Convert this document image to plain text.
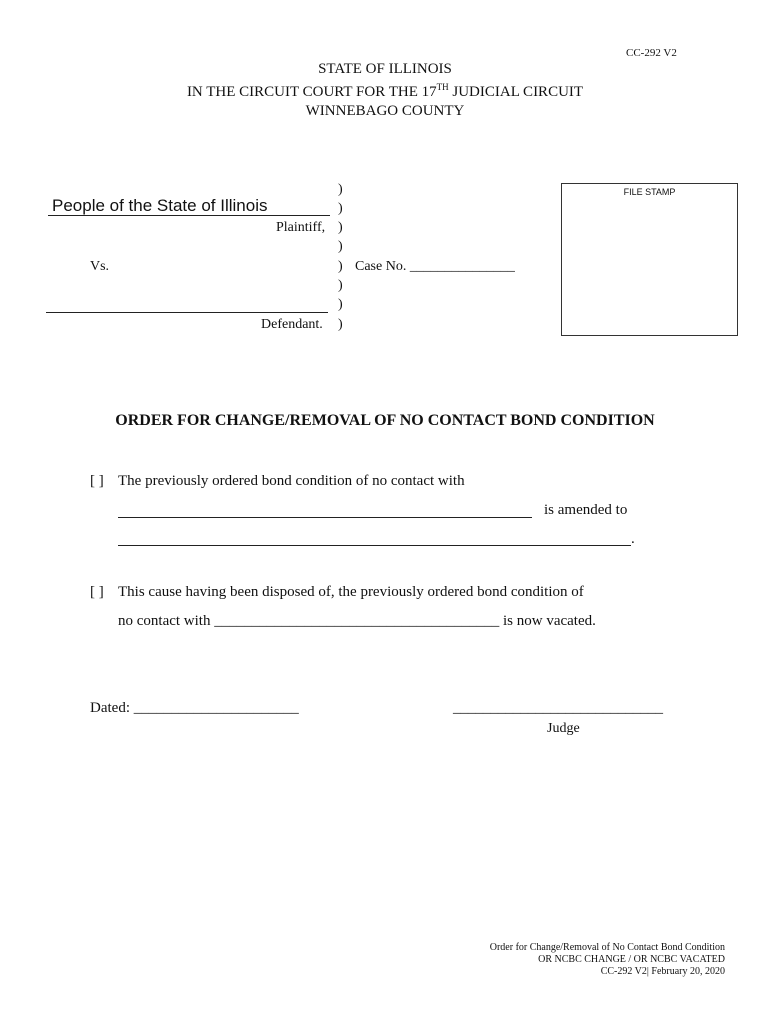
CC-292 V2
STATE OF ILLINOIS
IN THE CIRCUIT COURT FOR THE 17TH JUDICIAL CIRCUIT
WINNEBAGO COUNTY
People of the State of Illinois
Plaintiff,
Vs.
Defendant.
)
)
)
)
)
)
)
)
Case No. _______________
FILE STAMP
ORDER FOR CHANGE/REMOVAL OF NO CONTACT BOND CONDITION
[ ] The previously ordered bond condition of no contact with
is amended to
.
[ ] This cause having been disposed of, the previously ordered bond condition of
no contact with ______________________________________ is now vacated.
Dated: ______________________	____________________________
Judge
Order for Change/Removal of No Contact Bond Condition
OR NCBC CHANGE / OR NCBC VACATED
CC-292 V2| February 20, 2020
